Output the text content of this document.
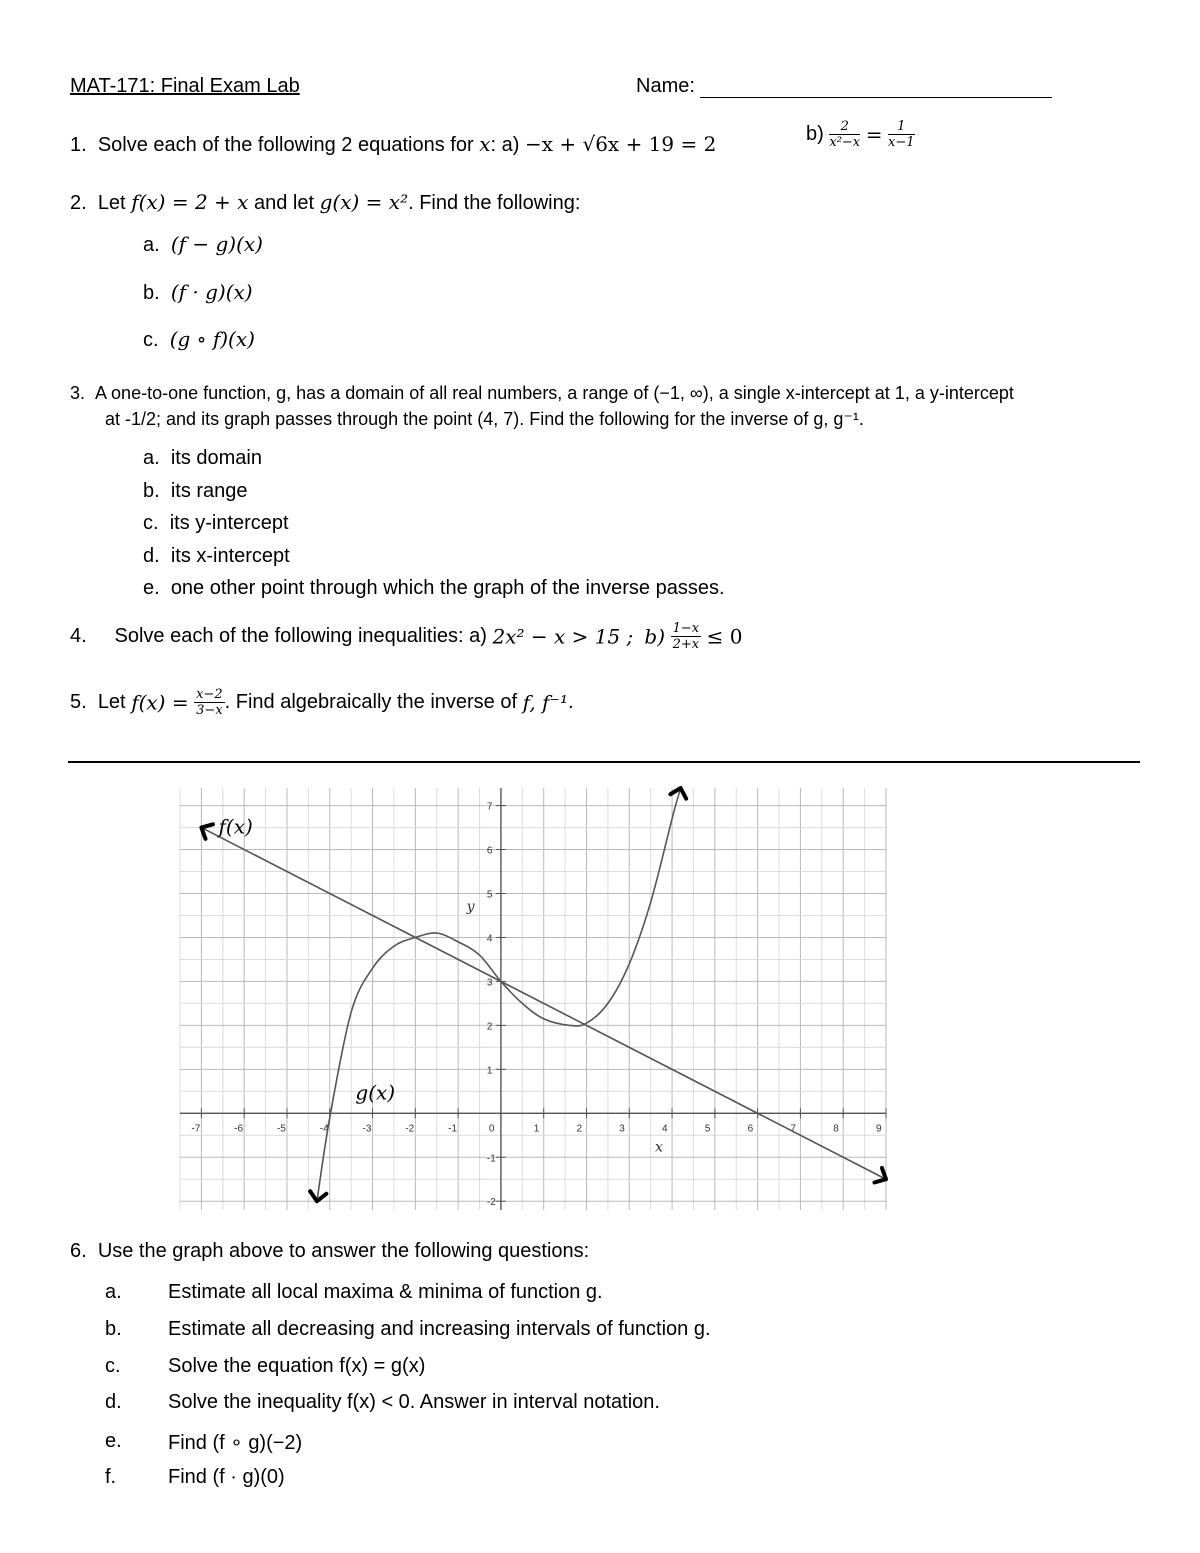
MAT-171: Final Exam Lab	Name:
1. Solve each of the following 2 equations for x: a) −x + √6x + 19 = 2	$b) \frac{2}{\text{x²−x}} = \frac{1}{x-1}$
2. Let f(x) = 2 + x and let g(x) = x². Find the following:
a. (f − g)(x)
b. (f · g)(x)
c. (g ∘ f)(x)
3. A one-to-one function, g, has a domain of all real numbers, a range of (−1, ∞), a single x-intercept at 1, a y-intercept
at -1/2; and its graph passes through the point (4, 7). Find the following for the inverse of g, g⁻¹.
a. its domain
b. its range
c. its y-intercept
d. its x-intercept
e. one other point through which the graph of the inverse passes.
4. Solve each of the following inequalities: a) 2x² − x > 15 ; $b) \frac{1-x}{2+x} \le 0$
5. Let $f(x) = \frac{x-2}{3-x}$ . Find algebraically the inverse of f, f⁻¹.
-7	-6	-5	-4	-3	-2	-1	0	1	2	3	4	5	6	7	8	9
-2
-1
1
2
3
4
5
6
7
x
y
f(x)
g(x)
6. Use the graph above to answer the following questions:
a. Estimate all local maxima & minima of function g.
b. Estimate all decreasing and increasing intervals of function g.
c. Solve the equation f(x) = g(x)
d. Solve the inequality f(x) < 0. Answer in interval notation.
e. Find (f ∘ g)(−2)
f.	Find (f · g)(0)
